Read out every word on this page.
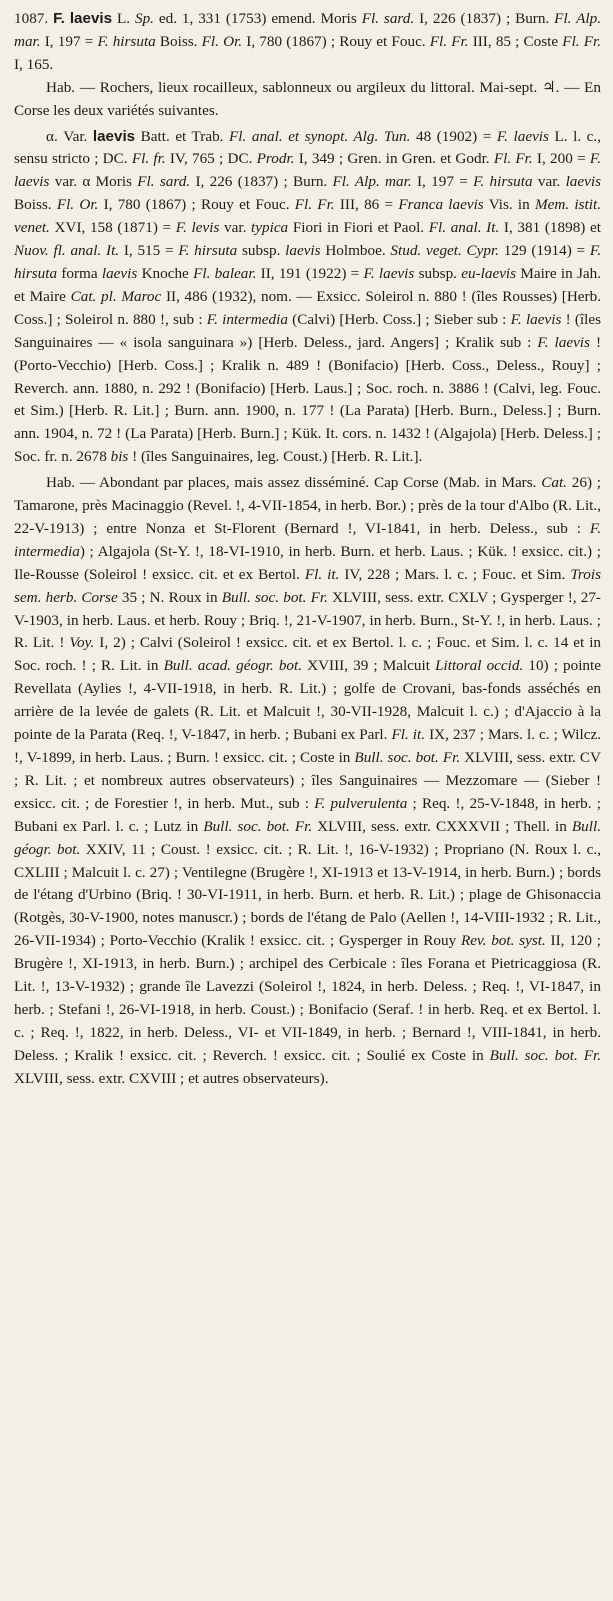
1087. F. laevis L. Sp. ed. 1, 331 (1753) emend. Moris Fl. sard. I, 226 (1837) ; Burn. Fl. Alp. mar. I, 197 = F. hirsuta Boiss. Fl. Or. I, 780 (1867) ; Rouy et Fouc. Fl. Fr. III, 85 ; Coste Fl. Fr. I, 165.

Hab. — Rochers, lieux rocailleux, sablonneux ou argileux du littoral. Mai-sept. ♃. — En Corse les deux variétés suivantes.

α. Var. laevis Batt. et Trab. Fl. anal. et synopt. Alg. Tun. 48 (1902) = F. laevis L. l. c., sensu stricto ; DC. Fl. fr. IV, 765 ; DC. Prodr. I, 349 ; Gren. in Gren. et Godr. Fl. Fr. I, 200 = F. laevis var. α Moris Fl. sard. I, 226 (1837) ; Burn. Fl. Alp. mar. I, 197 = F. hirsuta var. laevis Boiss. Fl. Or. I, 780 (1867) ; Rouy et Fouc. Fl. Fr. III, 86 = Franca laevis Vis. in Mem. istit. venet. XVI, 158 (1871) = F. levis var. typica Fiori in Fiori et Paol. Fl. anal. It. I, 381 (1898) et Nuov. fl. anal. It. I, 515 = F. hirsuta subsp. laevis Holmboe. Stud. veget. Cypr. 129 (1914) = F. hirsuta forma laevis Knoche Fl. balear. II, 191 (1922) = F. laevis subsp. eu-laevis Maire in Jah. et Maire Cat. pl. Maroc II, 486 (1932), nom. — Exsicc. Soleirol n. 880 ! (îles Rousses) [Herb. Coss.] ; Soleirol n. 880 !, sub : F. intermedia (Calvi) [Herb. Coss.] ; Sieber sub : F. laevis ! (îles Sanguinaires — « isola sanguinara ») [Herb. Deless., jard. Angers] ; Kralik sub : F. laevis ! (Porto-Vecchio) [Herb. Coss.] ; Kralik n. 489 ! (Bonifacio) [Herb. Coss., Deless., Rouy] ; Reverch. ann. 1880, n. 292 ! (Bonifacio) [Herb. Laus.] ; Soc. roch. n. 3886 ! (Calvi, leg. Fouc. et Sim.) [Herb. R. Lit.] ; Burn. ann. 1900, n. 177 ! (La Parata) [Herb. Burn., Deless.] ; Burn. ann. 1904, n. 72 ! (La Parata) [Herb. Burn.] ; Kük. It. cors. n. 1432 ! (Algajola) [Herb. Deless.] ; Soc. fr. n. 2678 bis ! (îles Sanguinaires, leg. Coust.) [Herb. R. Lit.].

Hab. — Abondant par places, mais assez disséminé. Cap Corse (Mab. in Mars. Cat. 26) ; Tamarone, près Macinaggio (Revel. !, 4-VII-1854, in herb. Bor.) ; près de la tour d'Albo (R. Lit., 22-V-1913) ; entre Nonza et St-Florent (Bernard !, VI-1841, in herb. Deless., sub : F. intermedia) ; Algajola (St-Y. !, 18-VI-1910, in herb. Burn. et herb. Laus. ; Kük. ! exsicc. cit.) ; Ile-Rousse (Soleirol ! exsicc. cit. et ex Bertol. Fl. it. IV, 228 ; Mars. l. c. ; Fouc. et Sim. Trois sem. herb. Corse 35 ; N. Roux in Bull. soc. bot. Fr. XLVIII, sess. extr. CXLV ; Gysperger !, 27-V-1903, in herb. Laus. et herb. Rouy ; Briq. !, 21-V-1907, in herb. Burn., St-Y. !, in herb. Laus. ; R. Lit. ! Voy. I, 2) ; Calvi (Soleirol ! exsicc. cit. et ex Bertol. l. c. ; Fouc. et Sim. l. c. 14 et in Soc. roch. ! ; R. Lit. in Bull. acad. géogr. bot. XVIII, 39 ; Malcuit Littoral occid. 10) ; pointe Revellata (Aylies !, 4-VII-1918, in herb. R. Lit.) ; golfe de Crovani, bas-fonds asséchés en arrière de la levée de galets (R. Lit. et Malcuit !, 30-VII-1928, Malcuit l. c.) ; d'Ajaccio à la pointe de la Parata (Req. !, V-1847, in herb. ; Bubani ex Parl. Fl. it. IX, 237 ; Mars. l. c. ; Wilcz. !, V-1899, in herb. Laus. ; Burn. ! exsicc. cit. ; Coste in Bull. soc. bot. Fr. XLVIII, sess. extr. CV ; R. Lit. ; et nombreux autres observateurs) ; îles Sanguinaires — Mezzomare — (Sieber ! exsicc. cit. ; de Forestier !, in herb. Mut., sub : F. pulverulenta ; Req. !, 25-V-1848, in herb. ; Bubani ex Parl. l. c. ; Lutz in Bull. soc. bot. Fr. XLVIII, sess. extr. CXXXVII ; Thell. in Bull. géogr. bot. XXIV, 11 ; Coust. ! exsicc. cit. ; R. Lit. !, 16-V-1932) ; Propriano (N. Roux l. c., CXLIII ; Malcuit l. c. 27) ; Ventilegne (Brugère !, XI-1913 et 13-V-1914, in herb. Burn.) ; bords de l'étang d'Urbino (Briq. ! 30-VI-1911, in herb. Burn. et herb. R. Lit.) ; plage de Ghisonaccia (Rotgès, 30-V-1900, notes manuscr.) ; bords de l'étang de Palo (Aellen !, 14-VIII-1932 ; R. Lit., 26-VII-1934) ; Porto-Vecchio (Kralik ! exsicc. cit. ; Gysperger in Rouy Rev. bot. syst. II, 120 ; Brugère !, XI-1913, in herb. Burn.) ; archipel des Cerbicale : îles Forana et Pietricaggiosa (R. Lit. !, 13-V-1932) ; grande île Lavezzi (Soleirol !, 1824, in herb. Deless. ; Req. !, VI-1847, in herb. ; Stefani !, 26-VI-1918, in herb. Coust.) ; Bonifacio (Seraf. ! in herb. Req. et ex Bertol. l. c. ; Req. !, 1822, in herb. Deless., VI- et VII-1849, in herb. ; Bernard !, VIII-1841, in herb. Deless. ; Kralik ! exsicc. cit. ; Reverch. ! exsicc. cit. ; Soulié ex Coste in Bull. soc. bot. Fr. XLVIII, sess. extr. CXVIII ; et autres observateurs).
